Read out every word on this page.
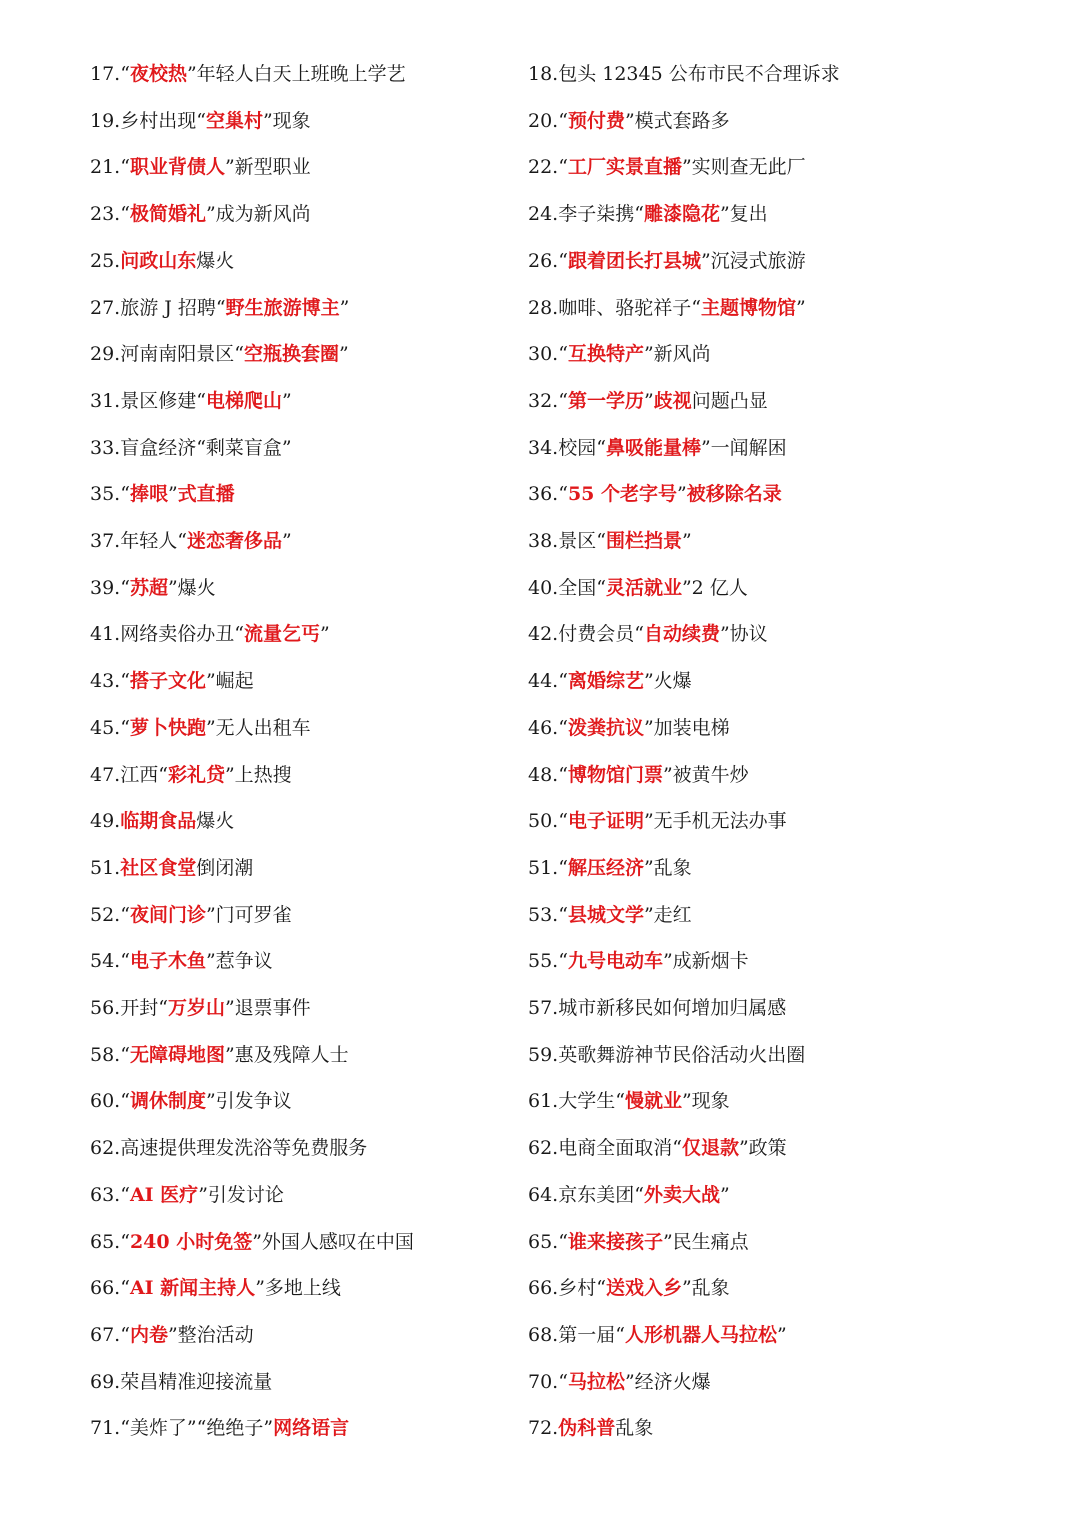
17.“夜校热”年轻人白天上班晚上学艺	18.包头 12345 公布市民不合理诉求
19.乡村出现“空巢村”现象	20.“预付费”模式套路多
21.“职业背债人”新型职业	22.“工厂实景直播”实则查无此厂
23.“极简婚礼”成为新风尚	24.李子柒携“雕漆隐花”复出
25.问政山东爆火	26.“跟着团长打县城”沉浸式旅游
27.旅游 J 招聘“野生旅游博主”	28.咖啡、骆驼祥子“主题博物馆”
29.河南南阳景区“空瓶换套圈”	30.“互换特产”新风尚
31.景区修建“电梯爬山”	32.“第一学历”歧视问题凸显
33.盲盒经济“剩菜盲盒”	34.校园“鼻吸能量棒”一闻解困
35.“捧哏”式直播	36.“55 个老字号”被移除名录
37.年轻人“迷恋奢侈品”	38.景区“围栏挡景”
39.“苏超”爆火	40.全国“灵活就业”2 亿人
41.网络卖俗办丑“流量乞丐”	42.付费会员“自动续费”协议
43.“搭子文化”崛起	44.“离婚综艺”火爆
45.“萝卜快跑”无人出租车	46.“泼粪抗议”加装电梯
47.江西“彩礼贷”上热搜	48.“博物馆门票”被黄牛炒
49.临期食品爆火	50.“电子证明”无手机无法办事
51.社区食堂倒闭潮	51.“解压经济”乱象
52.“夜间门诊”门可罗雀	53.“县城文学”走红
54.“电子木鱼”惹争议	55.“九号电动车”成新烟卡
56.开封“万岁山”退票事件	57.城市新移民如何增加归属感
58.“无障碍地图”惠及残障人士	59.英歌舞游神节民俗活动火出圈
60.“调休制度”引发争议	61.大学生“慢就业”现象
62.高速提供理发洗浴等免费服务	62.电商全面取消“仅退款”政策
63.“AI 医疗”引发讨论	64.京东美团“外卖大战”
65.“240 小时免签”外国人感叹在中国	65.“谁来接孩子”民生痛点
66.“AI 新闻主持人”多地上线	66.乡村“送戏入乡”乱象
67.“内卷”整治活动	68.第一届“人形机器人马拉松”
69.荣昌精准迎接流量	70.“马拉松”经济火爆
71.“美炸了”“绝绝子”网络语言	72.伪科普乱象
